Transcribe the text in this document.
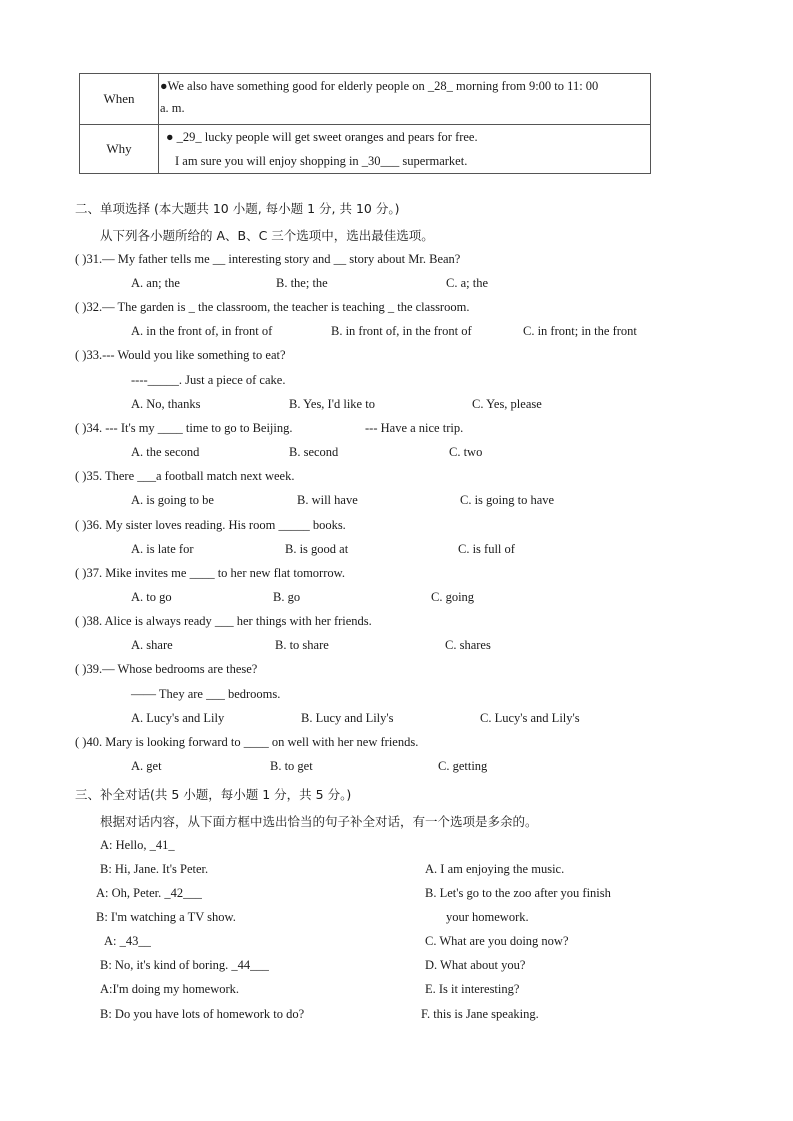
When	●We also have something good for elderly people on _28_ morning from 9:00 to 11: 00
a. m.

Why	● _29_ lucky people will get sweet oranges and pears for free.
I am sure you will enjoy shopping in _30___ supermarket.
二、单项选择 (本大题共 10 小题, 每小题 1 分, 共 10 分。)
从下列各小题所给的 A、B、C 三个选项中，选出最佳选项。
( )31.— My father tells me __ interesting story and __ story about Mr. Bean?
A. an; the	B. the; the	C. a; the
( )32.— The garden is _ the classroom, the teacher is teaching _ the classroom.
A. in the front of, in front of	B. in front of, in the front of	C. in front; in the front
( )33.--- Would you like something to eat?
----_____. Just a piece of cake.
A. No, thanks	B. Yes, I'd like to	C. Yes, please
( )34. --- It's my ____ time to go to Beijing.	--- Have a nice trip.
A. the second	B. second	C. two
( )35. There ___a football match next week.
A. is going to be	B. will have	C. is going to have
( )36. My sister loves reading. His room _____ books.
A. is late for	B. is good at	C. is full of
( )37. Mike invites me ____ to her new flat tomorrow.
A. to go	B. go	C. going
( )38. Alice is always ready ___ her things with her friends.
A. share	B. to share	C. shares
( )39.— Whose bedrooms are these?
—— They are ___ bedrooms.
A. Lucy's and Lily	B. Lucy and Lily's	C. Lucy's and Lily's
( )40. Mary is looking forward to ____ on well with her new friends.
A. get	B. to get	C. getting
三、补全对话(共 5 小题，每小题 1 分，共 5 分。)
根据对话内容，从下面方框中选出恰当的句子补全对话，有一个选项是多余的。
A: Hello, _41_
B: Hi, Jane. It's Peter.
A: Oh, Peter. _42___
B: I'm watching a TV show.
A: _43__
B: No, it's kind of boring. _44___
A:I'm doing my homework.
B: Do you have lots of homework to do?
A. I am enjoying the music.
B. Let's go to the zoo after you finish
your homework.
C. What are you doing now?
D. What about you?
E. Is it interesting?
F. this is Jane speaking.
